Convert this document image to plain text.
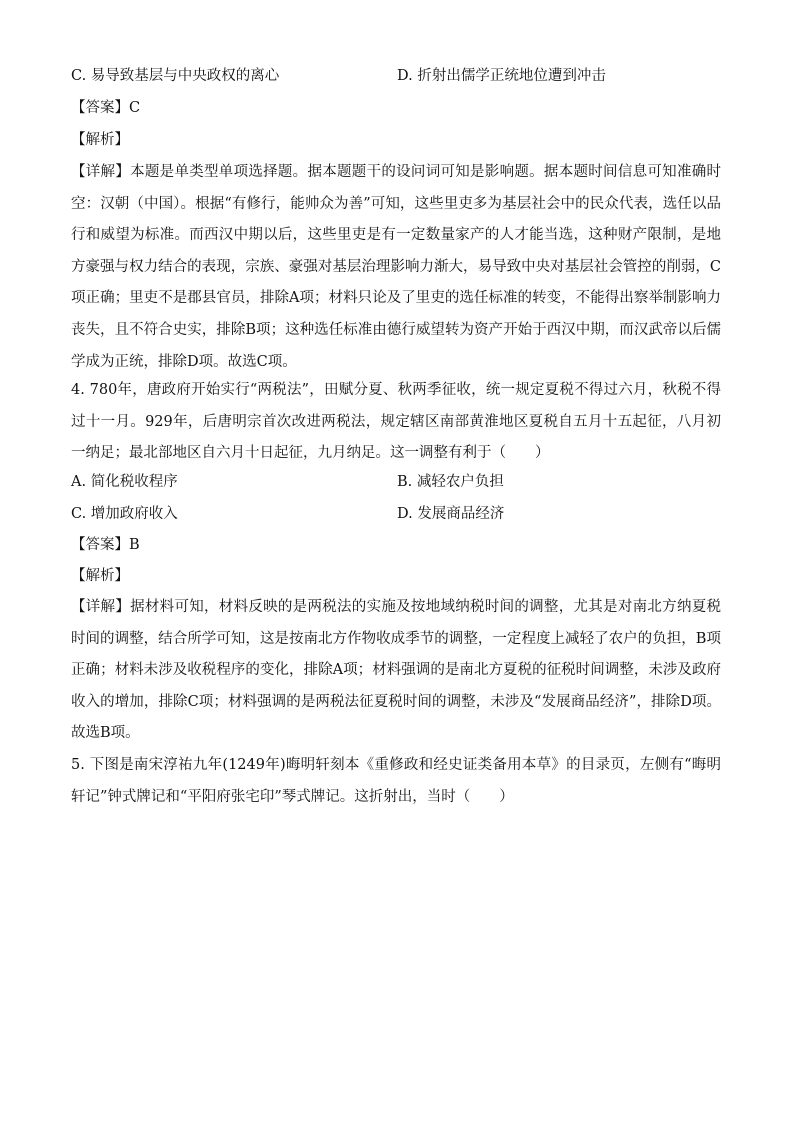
C. 易导致基层与中央政权的离心	D. 折射出儒学正统地位遭到冲击
【答案】C
【解析】
【详解】本题是单类型单项选择题。据本题题干的设问词可知是影响题。据本题时间信息可知准确时空：汉朝（中国）。根据“有修行，能帅众为善”可知，这些里吏多为基层社会中的民众代表，选任以品行和威望为标准。而西汉中期以后，这些里吏是有一定数量家产的人才能当选，这种财产限制，是地方豪强与权力结合的表现，宗族、豪强对基层治理影响力渐大，易导致中央对基层社会管控的削弱，C项正确；里吏不是郡县官员，排除A项；材料只论及了里吏的选任标准的转变，不能得出察举制影响力丧失，且不符合史实，排除B项；这种选任标准由德行威望转为资产开始于西汉中期，而汉武帝以后儒学成为正统，排除D项。故选C项。
4. 780年，唐政府开始实行“两税法”，田赋分夏、秋两季征收，统一规定夏税不得过六月，秋税不得过十一月。929年，后唐明宗首次改进两税法，规定辖区南部黄淮地区夏税自五月十五起征，八月初一纳足；最北部地区自六月十日起征，九月纳足。这一调整有利于（　　）
A. 简化税收程序	B. 减轻农户负担
C. 增加政府收入	D. 发展商品经济
【答案】B
【解析】
【详解】据材料可知，材料反映的是两税法的实施及按地域纳税时间的调整，尤其是对南北方纳夏税时间的调整，结合所学可知，这是按南北方作物收成季节的调整，一定程度上减轻了农户的负担，B项正确；材料未涉及收税程序的变化，排除A项；材料强调的是南北方夏税的征税时间调整，未涉及政府收入的增加，排除C项；材料强调的是两税法征夏税时间的调整，未涉及“发展商品经济”，排除D项。故选B项。
5. 下图是南宋淳祐九年(1249年)晦明轩刻本《重修政和经史证类备用本草》的目录页，左侧有“晦明轩记”钟式牌记和“平阳府张宅印”琴式牌记。这折射出，当时（　　）
